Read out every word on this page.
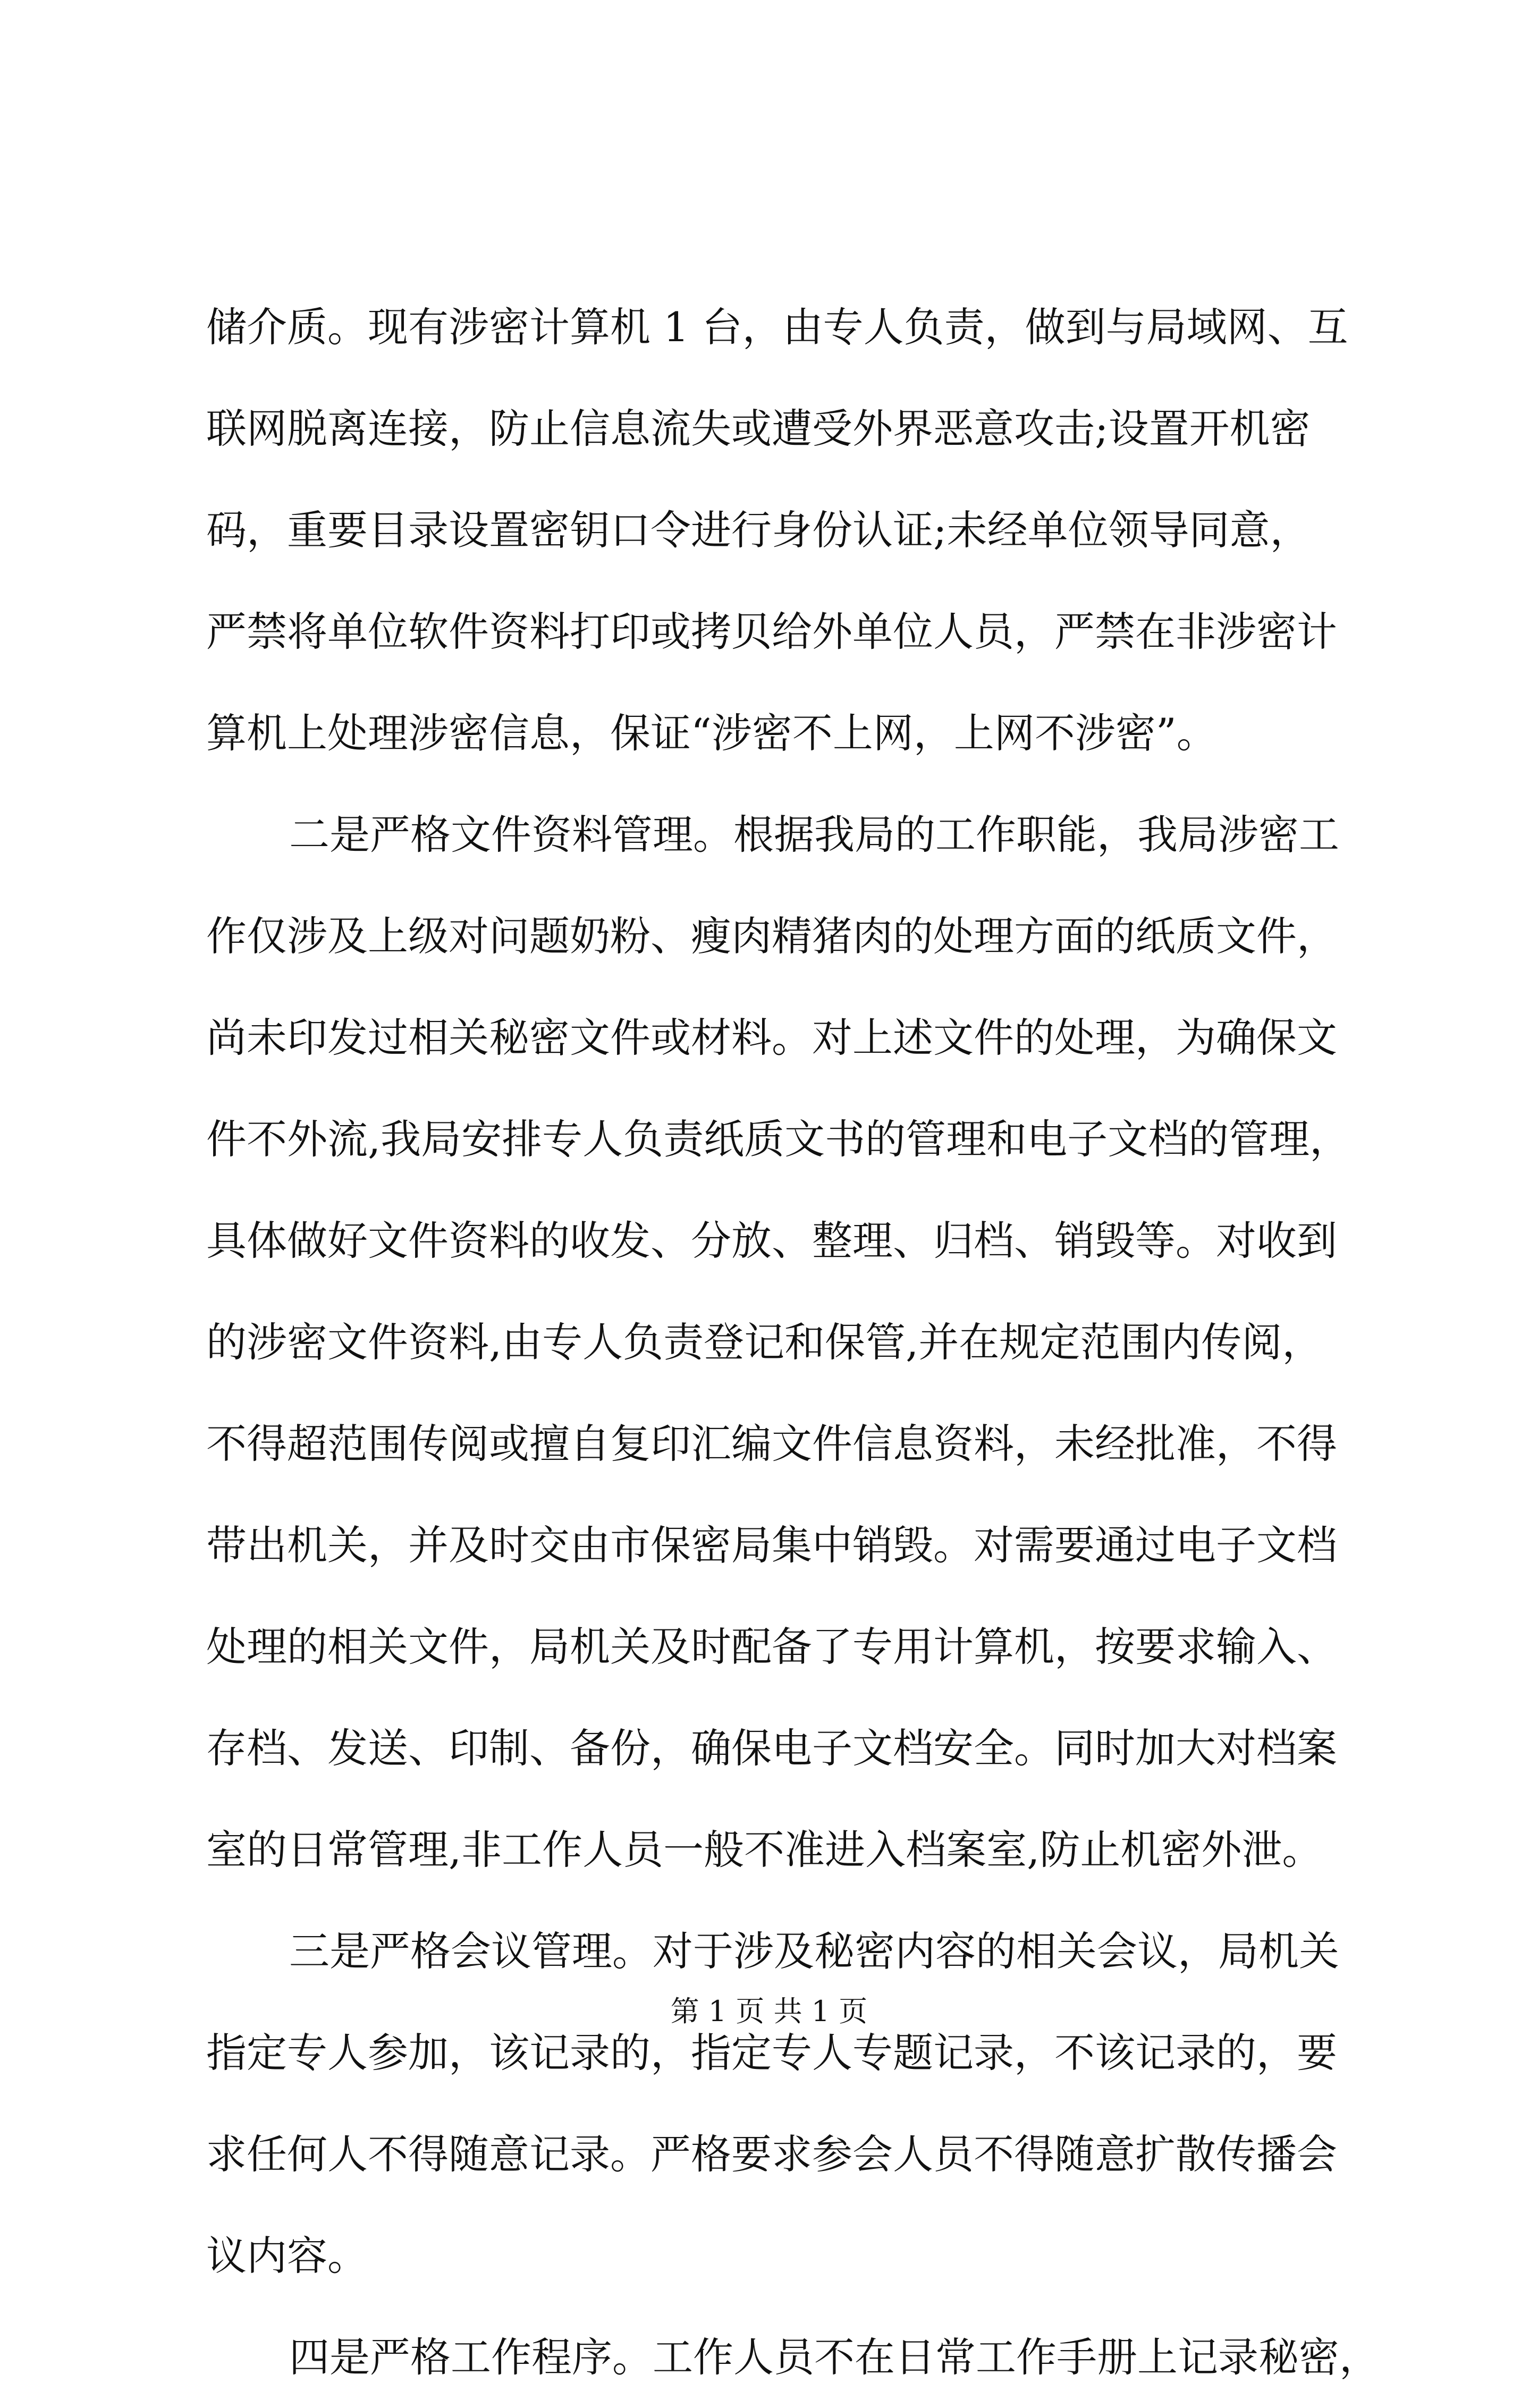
储介质。现有涉密计算机 1 台，由专人负责，做到与局域网、互
联网脱离连接，防止信息流失或遭受外界恶意攻击;设置开机密
码，重要目录设置密钥口令进行身份认证;未经单位领导同意，
严禁将单位软件资料打印或拷贝给外单位人员，严禁在非涉密计
算机上处理涉密信息，保证“涉密不上网，上网不涉密”。
二是严格文件资料管理。根据我局的工作职能，我局涉密工
作仅涉及上级对问题奶粉、瘦肉精猪肉的处理方面的纸质文件，
尚未印发过相关秘密文件或材料。对上述文件的处理，为确保文
件不外流,我局安排专人负责纸质文书的管理和电子文档的管理，
具体做好文件资料的收发、分放、整理、归档、销毁等。对收到
的涉密文件资料,由专人负责登记和保管,并在规定范围内传阅，
不得超范围传阅或擅自复印汇编文件信息资料，未经批准，不得
带出机关，并及时交由市保密局集中销毁。对需要通过电子文档
处理的相关文件，局机关及时配备了专用计算机，按要求输入、
存档、发送、印制、备份，确保电子文档安全。同时加大对档案
室的日常管理,非工作人员一般不准进入档案室,防止机密外泄。
三是严格会议管理。对于涉及秘密内容的相关会议，局机关
指定专人参加，该记录的，指定专人专题记录，不该记录的，要
求任何人不得随意记录。严格要求参会人员不得随意扩散传播会
议内容。
四是严格工作程序。工作人员不在日常工作手册上记录秘密，
第 1 页 共 1 页
